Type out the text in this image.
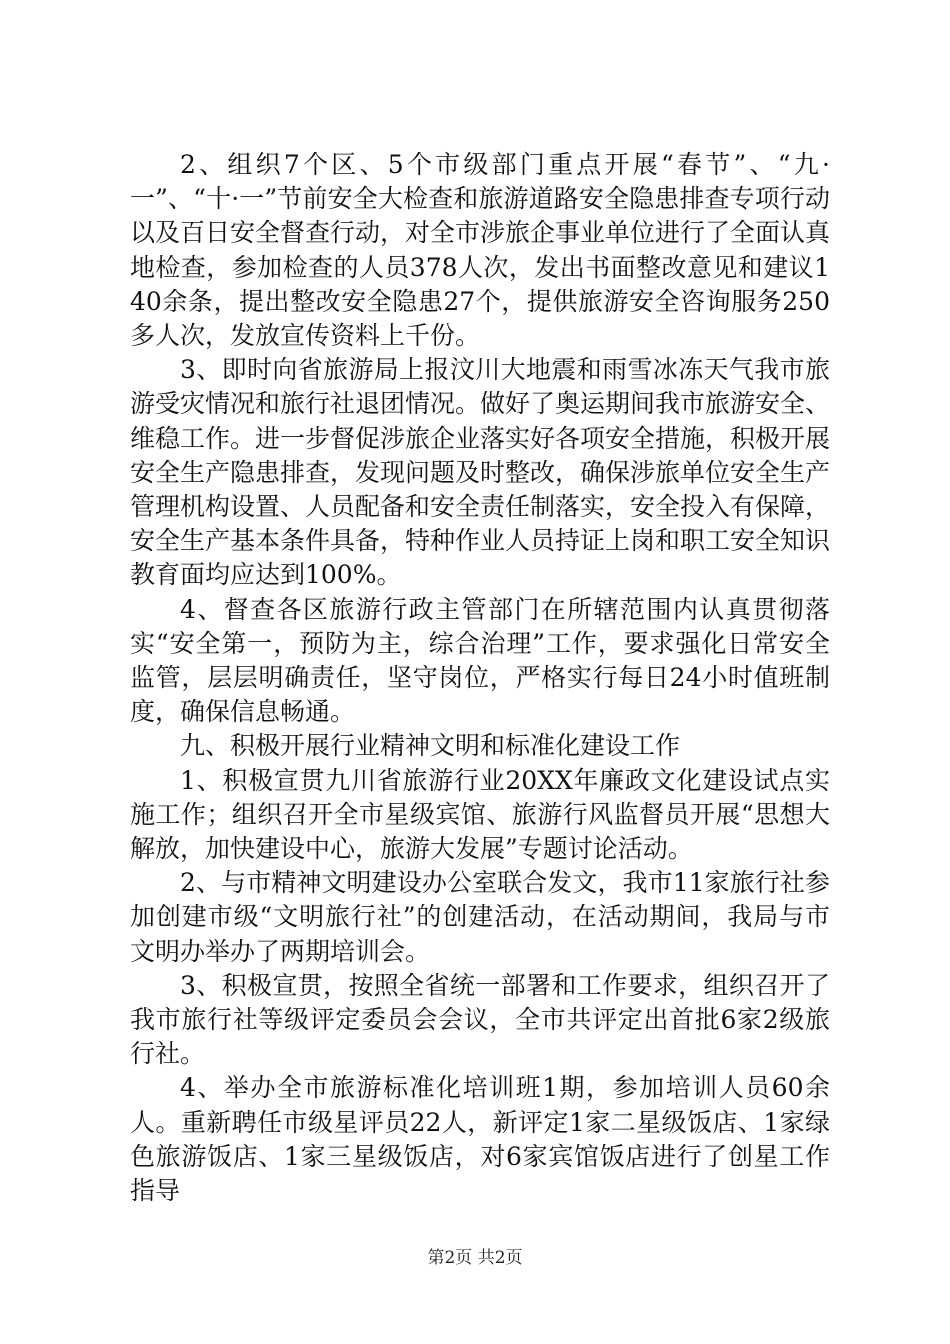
2、组织7个区、5个市级部门重点开展“春节”、“九·一”、“十·一”节前安全大检查和旅游道路安全隐患排查专项行动以及百日安全督查行动，对全市涉旅企事业单位进行了全面认真地检查，参加检查的人员378人次，发出书面整改意见和建议140余条，提出整改安全隐患27个，提供旅游安全咨询服务250多人次，发放宣传资料上千份。

3、即时向省旅游局上报汶川大地震和雨雪冰冻天气我市旅游受灾情况和旅行社退团情况。做好了奥运期间我市旅游安全、维稳工作。进一步督促涉旅企业落实好各项安全措施，积极开展安全生产隐患排查，发现问题及时整改，确保涉旅单位安全生产管理机构设置、人员配备和安全责任制落实，安全投入有保障，安全生产基本条件具备，特种作业人员持证上岗和职工安全知识教育面均应达到100%。

4、督查各区旅游行政主管部门在所辖范围内认真贯彻落实“安全第一，预防为主，综合治理”工作，要求强化日常安全监管，层层明确责任，坚守岗位，严格实行每日24小时值班制度，确保信息畅通。

九、积极开展行业精神文明和标准化建设工作

1、积极宣贯九川省旅游行业20XX年廉政文化建设试点实施工作；组织召开全市星级宾馆、旅游行风监督员开展“思想大解放，加快建设中心，旅游大发展”专题讨论活动。

2、与市精神文明建设办公室联合发文，我市11家旅行社参加创建市级“文明旅行社”的创建活动，在活动期间，我局与市文明办举办了两期培训会。

3、积极宣贯，按照全省统一部署和工作要求，组织召开了我市旅行社等级评定委员会会议，全市共评定出首批6家2级旅行社。

4、举办全市旅游标准化培训班1期，参加培训人员60余人。重新聘任市级星评员22人，新评定1家二星级饭店、1家绿色旅游饭店、1家三星级饭店，对6家宾馆饭店进行了创星工作指导

第2页 共2页
